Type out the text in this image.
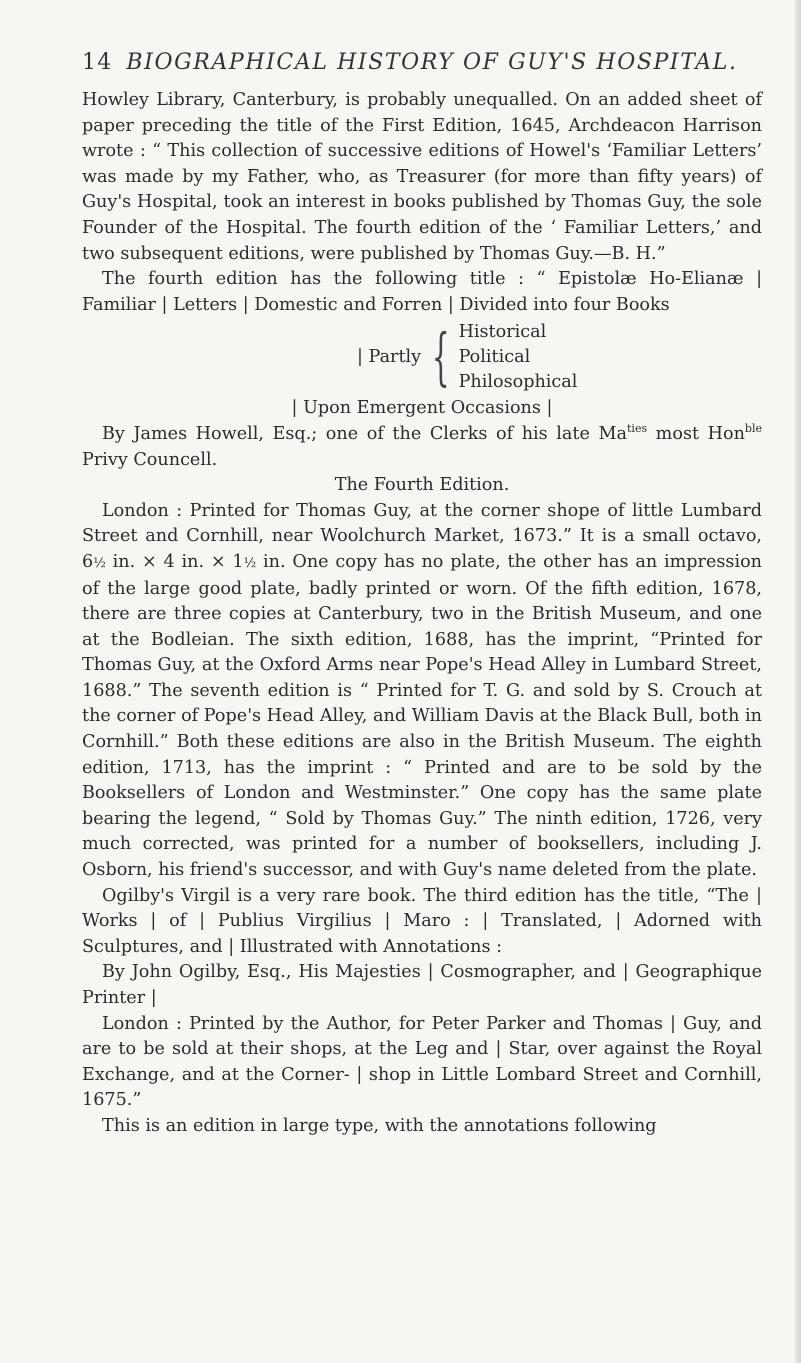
14 BIOGRAPHICAL HISTORY OF GUY'S HOSPITAL.

Howley Library, Canterbury, is probably unequalled. On an added sheet of paper preceding the title of the First Edition, 1645, Archdeacon Harrison wrote : “ This collection of successive editions of Howel's ‘Familiar Letters’ was made by my Father, who, as Treasurer (for more than fifty years) of Guy's Hospital, took an interest in books published by Thomas Guy, the sole Founder of the Hospital. The fourth edition of the ‘ Familiar Letters,’ and two subsequent editions, were published by Thomas Guy.—B. H.”

The fourth edition has the following title : “ Epistolæ Ho-Elianæ | Familiar | Letters | Domestic and Forren | Divided into four Books

| Partly { Historical
Political
Philosophical

| Upon Emergent Occasions |

By James Howell, Esq.; one of the Clerks of his late $Ma^{ties}$ most Hon$^{ble}$ Privy Councell.

The Fourth Edition.

London : Printed for Thomas Guy, at the corner shope of little Lumbard Street and Cornhill, near Woolchurch Market, 1673.” It is a small octavo, 6½ in. × 4 in. × 1½ in. One copy has no plate, the other has an impression of the large good plate, badly printed or worn. Of the fifth edition, 1678, there are three copies at Canterbury, two in the British Museum, and one at the Bodleian. The sixth edition, 1688, has the imprint, “Printed for Thomas Guy, at the Oxford Arms near Pope's Head Alley in Lumbard Street, 1688.” The seventh edition is “ Printed for T. G. and sold by S. Crouch at the corner of Pope's Head Alley, and William Davis at the Black Bull, both in Cornhill.” Both these editions are also in the British Museum. The eighth edition, 1713, has the imprint : “ Printed and are to be sold by the Booksellers of London and Westminster.” One copy has the same plate bearing the legend, “ Sold by Thomas Guy.” The ninth edition, 1726, very much corrected, was printed for a number of booksellers, including J. Osborn, his friend's successor, and with Guy's name deleted from the plate.

Ogilby's Virgil is a very rare book. The third edition has the title, “The | Works | of | Publius Virgilius | Maro : | Translated, | Adorned with Sculptures, and | Illustrated with Annotations :

By John Ogilby, Esq., His Majesties | Cosmographer, and | Geographique Printer |

London : Printed by the Author, for Peter Parker and Thomas | Guy, and are to be sold at their shops, at the Leg and | Star, over against the Royal Exchange, and at the Corner- | shop in Little Lombard Street and Cornhill, 1675.”

This is an edition in large type, with the annotations following
